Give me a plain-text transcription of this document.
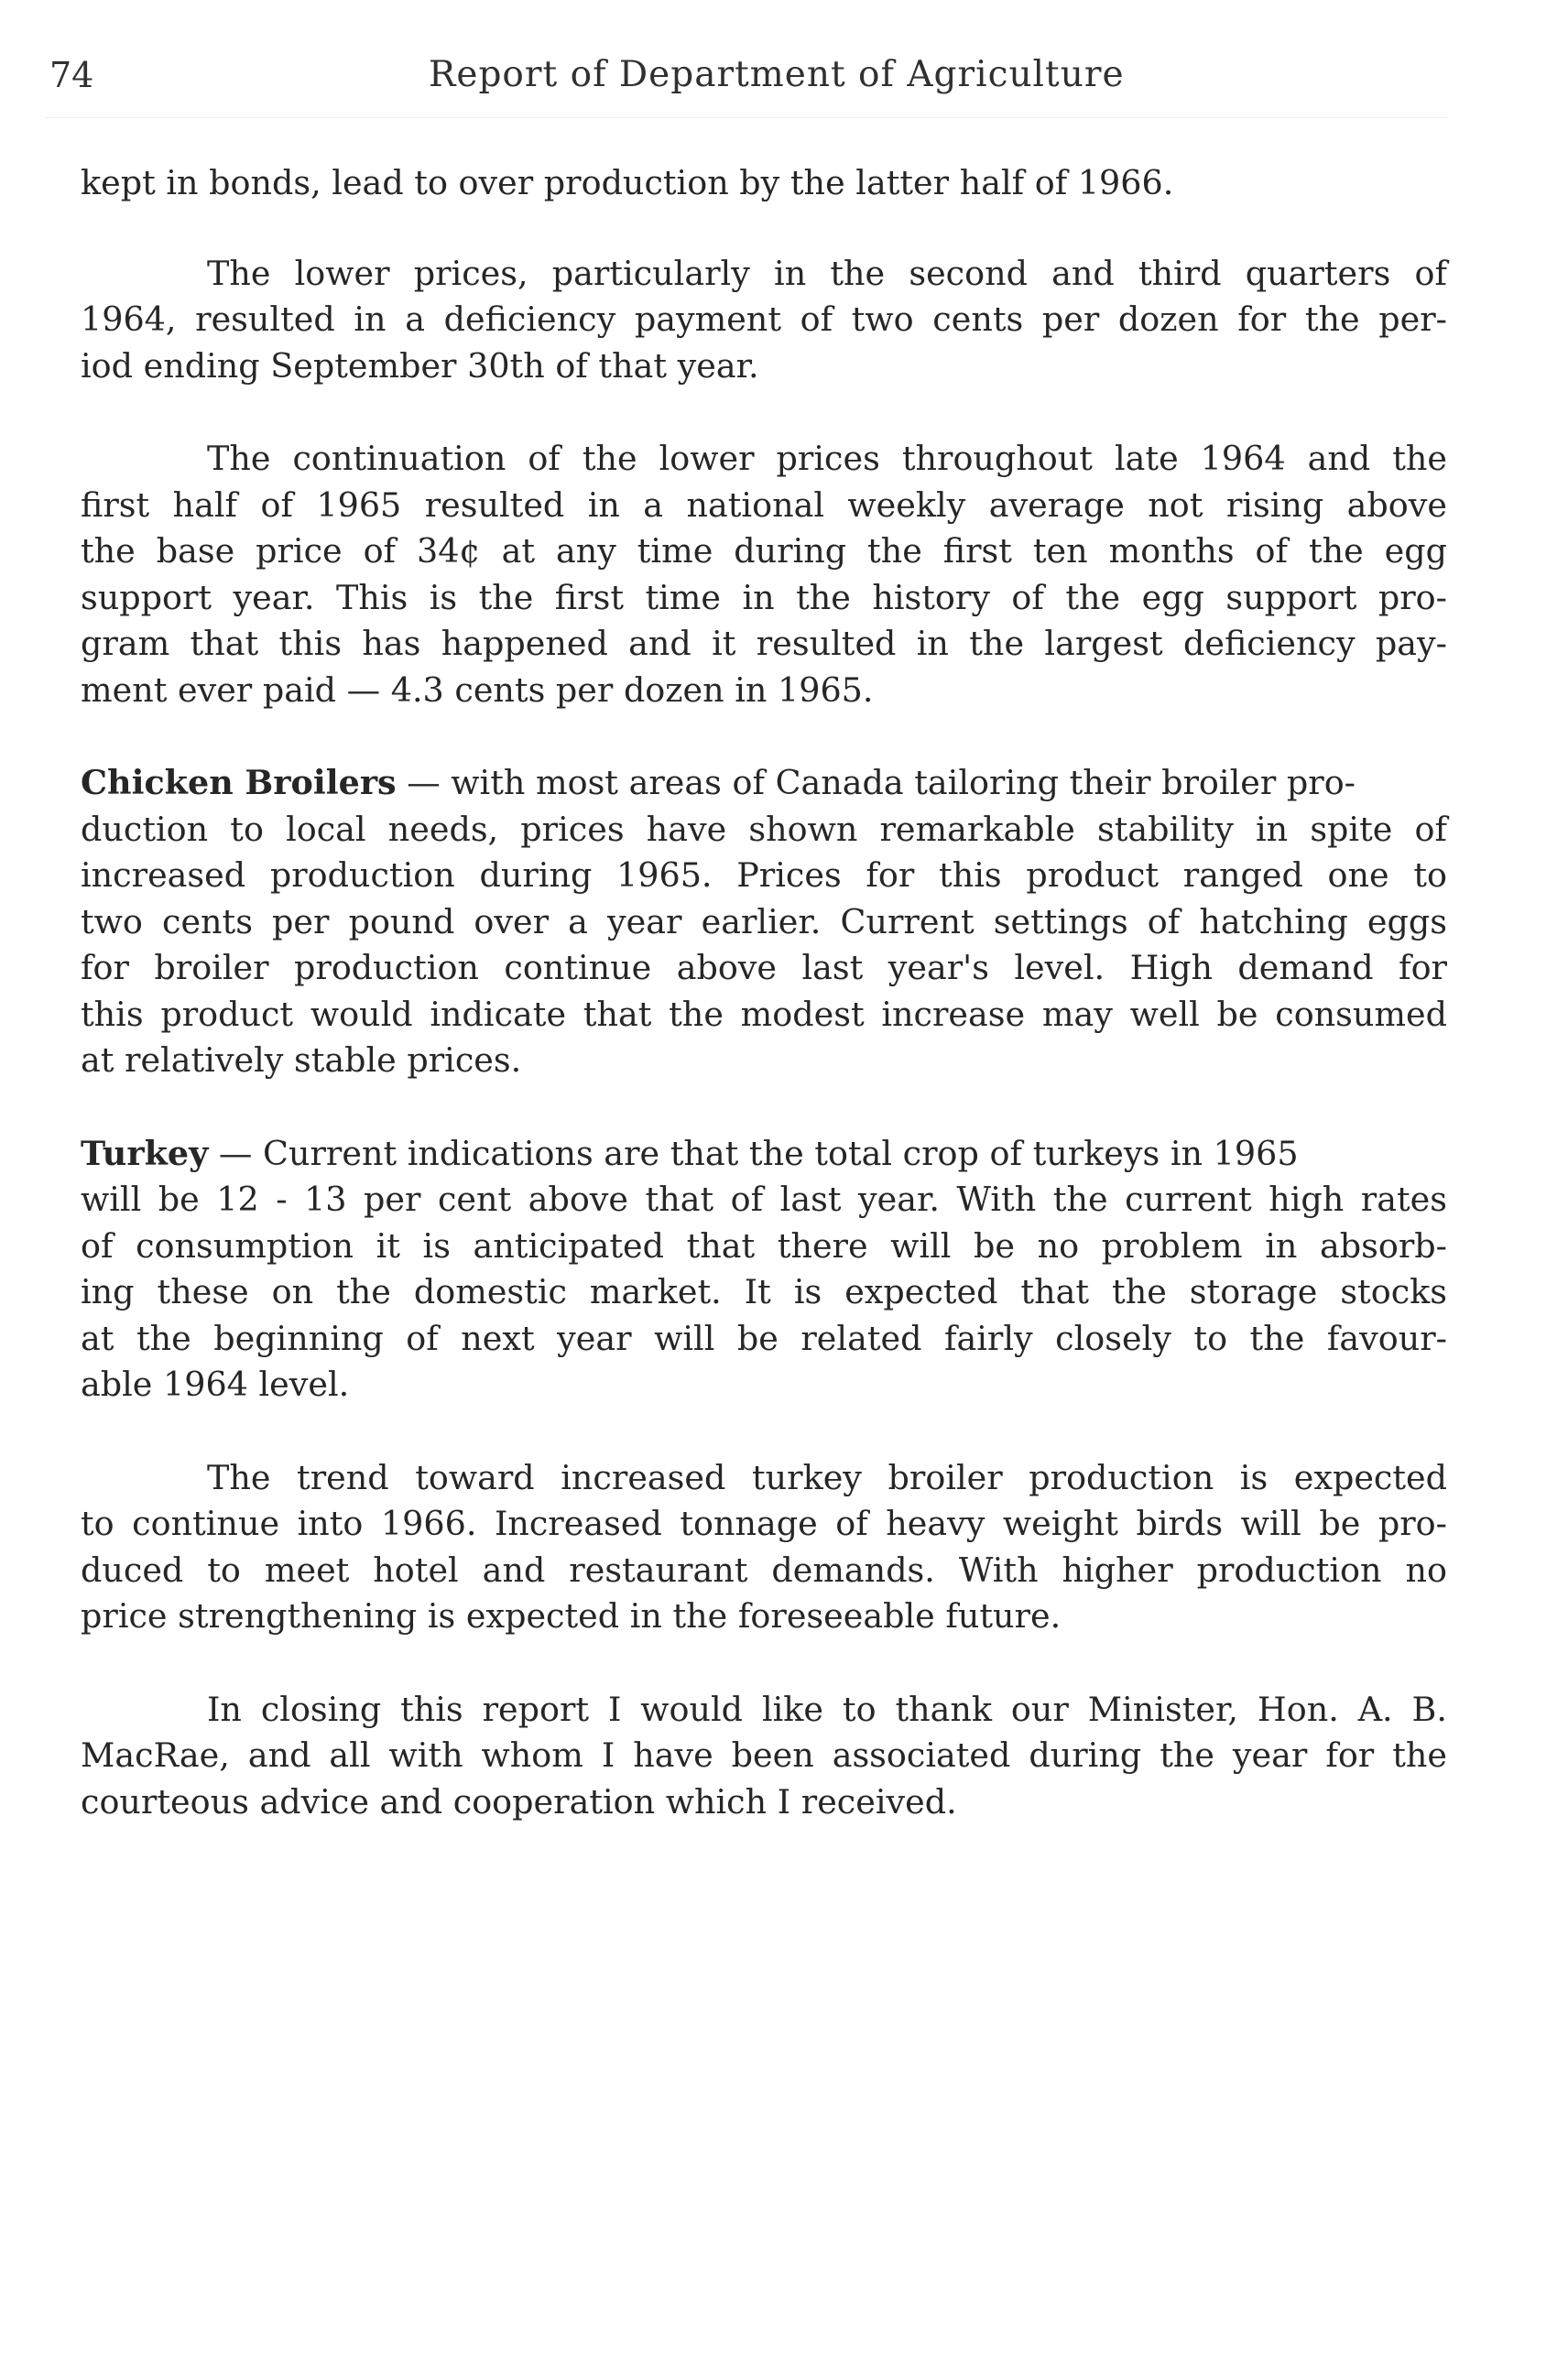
74	Report of Department of Agriculture
kept in bonds, lead to over production by the latter half of 1966.
The lower prices, particularly in the second and third quarters of
1964, resulted in a deficiency payment of two cents per dozen for the per-
iod ending September 30th of that year.
The continuation of the lower prices throughout late 1964 and the
first half of 1965 resulted in a national weekly average not rising above
the base price of 34¢ at any time during the first ten months of the egg
support year. This is the first time in the history of the egg support pro-
gram that this has happened and it resulted in the largest deficiency pay-
ment ever paid — 4.3 cents per dozen in 1965.
Chicken Broilers — with most areas of Canada tailoring their broiler pro-
duction to local needs, prices have shown remarkable stability in spite of
increased production during 1965. Prices for this product ranged one to
two cents per pound over a year earlier. Current settings of hatching eggs
for broiler production continue above last year's level. High demand for
this product would indicate that the modest increase may well be consumed
at relatively stable prices.
Turkey — Current indications are that the total crop of turkeys in 1965
will be 12 - 13 per cent above that of last year. With the current high rates
of consumption it is anticipated that there will be no problem in absorb-
ing these on the domestic market. It is expected that the storage stocks
at the beginning of next year will be related fairly closely to the favour-
able 1964 level.
The trend toward increased turkey broiler production is expected
to continue into 1966. Increased tonnage of heavy weight birds will be pro-
duced to meet hotel and restaurant demands. With higher production no
price strengthening is expected in the foreseeable future.
In closing this report I would like to thank our Minister, Hon. A. B.
MacRae, and all with whom I have been associated during the year for the
courteous advice and cooperation which I received.
